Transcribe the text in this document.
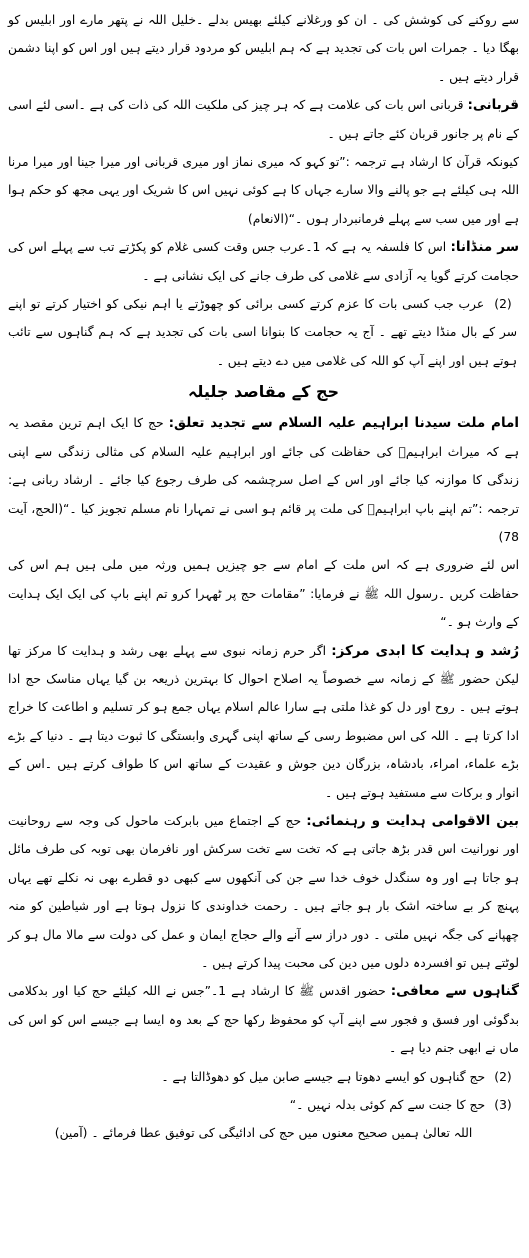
سے روکنے کی کوشش کی ۔ ان کو ورغلانے کیلئے بھیس بدلے ۔خلیل اللہ نے پتھر مارے اور ابلیس کو بھگا دیا ۔ جمرات اس بات کی تجدید ہے کہ ہم ابلیس کو مردود قرار دیتے ہیں اور اس کو اپنا دشمن قرار دیتے ہیں ۔

قربانی: قربانی اس بات کی علامت ہے کہ ہر چیز کی ملکیت اللہ کی ذات کی ہے ۔اسی لئے اسی کے نام پر جانور قربان کئے جاتے ہیں ۔

کیونکہ قرآن کا ارشاد ہے ترجمہ :”تو کہو کہ میری نماز اور میری قربانی اور میرا جینا اور میرا مرنا اللہ ہی کیلئے ہے جو پالنے والا سارے جہاں کا ہے کوئی نہیں اس کا شریک اور یہی مجھ کو حکم ہوا ہے اور میں سب سے پہلے فرمانبردار ہوں ۔“(الانعام)

سر منڈانا: اس کا فلسفہ یہ ہے کہ 1۔عرب جس وقت کسی غلام کو پکڑتے تب سے پہلے اس کی حجامت کرتے گویا یہ آزادی سے غلامی کی طرف جانے کی ایک نشانی ہے ۔

(2) عرب جب کسی بات کا عزم کرتے کسی برائی کو چھوڑتے یا اہم نیکی کو اختیار کرتے تو اپنے سر کے بال منڈا دیتے تھے ۔ آج یہ حجامت کا بنوانا اسی بات کی تجدید ہے کہ ہم گناہوں سے تائب ہوتے ہیں اور اپنے آپ کو اللہ کی غلامی میں دے دیتے ہیں ۔

حج کے مقاصد جلیلہ

امام ملت سیدنا ابراہیم علیہ السلام سے تجدید تعلق: حج کا ایک اہم ترین مقصد یہ ہے کہ میراث ابراہیمؑ کی حفاظت کی جائے اور ابراہیم علیہ السلام کی مثالی زندگی سے اپنی زندگی کا موازنہ کیا جائے اور اس کے اصل سرچشمہ کی طرف رجوع کیا جائے ۔ ارشاد ربانی ہے: ترجمہ :”تم اپنے باپ ابراہیمؑ کی ملت پر قائم ہو اسی نے تمہارا نام مسلم تجویز کیا ۔“(الحج، آیت 78)

اس لئے ضروری ہے کہ اس ملت کے امام سے جو چیزیں ہمیں ورثہ میں ملی ہیں ہم اس کی حفاظت کریں ۔رسول اللہ ﷺ نے فرمایا: ”مقامات حج پر ٹھہرا کرو تم اپنے باپ کی ایک ایک ہدایت کے وارث ہو ۔“

رُشد و ہدایت کا ابدی مرکز: اگر حرم زمانہ نبوی سے پہلے بھی رشد و ہدایت کا مرکز تھا لیکن حضور ﷺ کے زمانہ سے خصوصاً یہ اصلاح احوال کا بہترین ذریعہ بن گیا یہاں مناسک حج ادا ہوتے ہیں ۔ روح اور دل کو غذا ملتی ہے سارا عالم اسلام یہاں جمع ہو کر تسلیم و اطاعت کا خراج ادا کرتا ہے ۔ اللہ کی اس مضبوط رسی کے ساتھ اپنی گہری وابستگی کا ثبوت دیتا ہے ۔ دنیا کے بڑے بڑے علماء، امراء، بادشاہ، بزرگان دین جوش و عقیدت کے ساتھ اس کا طواف کرتے ہیں ۔اس کے انوار و برکات سے مستفید ہوتے ہیں ۔

بین الاقوامی ہدایت و رہنمائی: حج کے اجتماع میں بابرکت ماحول کی وجہ سے روحانیت اور نورانیت اس قدر بڑھ جاتی ہے کہ تخت سے تخت سرکش اور نافرمان بھی توبہ کی طرف مائل ہو جاتا ہے اور وہ سنگدل خوف خدا سے جن کی آنکھوں سے کبھی دو قطرے بھی نہ نکلے تھے یہاں پہنچ کر بے ساختہ اشک بار ہو جاتے ہیں ۔ رحمت خداوندی کا نزول ہوتا ہے اور شیاطین کو منہ چھپانے کی جگہ نہیں ملتی ۔ دور دراز سے آنے والے حجاج ایمان و عمل کی دولت سے مالا مال ہو کر لوٹتے ہیں تو افسردہ دلوں میں دین کی محبت پیدا کرتے ہیں ۔

گناہوں سے معافی: حضور اقدس ﷺ کا ارشاد ہے 1۔”جس نے اللہ کیلئے حج کیا اور بدکلامی بدگوئی اور فسق و فجور سے اپنے آپ کو محفوظ رکھا حج کے بعد وہ ایسا ہے جیسے اس کو اس کی ماں نے ابھی جنم دیا ہے ۔

(2) حج گناہوں کو ایسے دھوتا ہے جیسے صابن میل کو دھوڈالتا ہے ۔

(3) حج کا جنت سے کم کوئی بدلہ نہیں ۔“

اللہ تعالیٰ ہمیں صحیح معنوں میں حج کی ادائیگی کی توفیق عطا فرمائے ۔ (آمین)
